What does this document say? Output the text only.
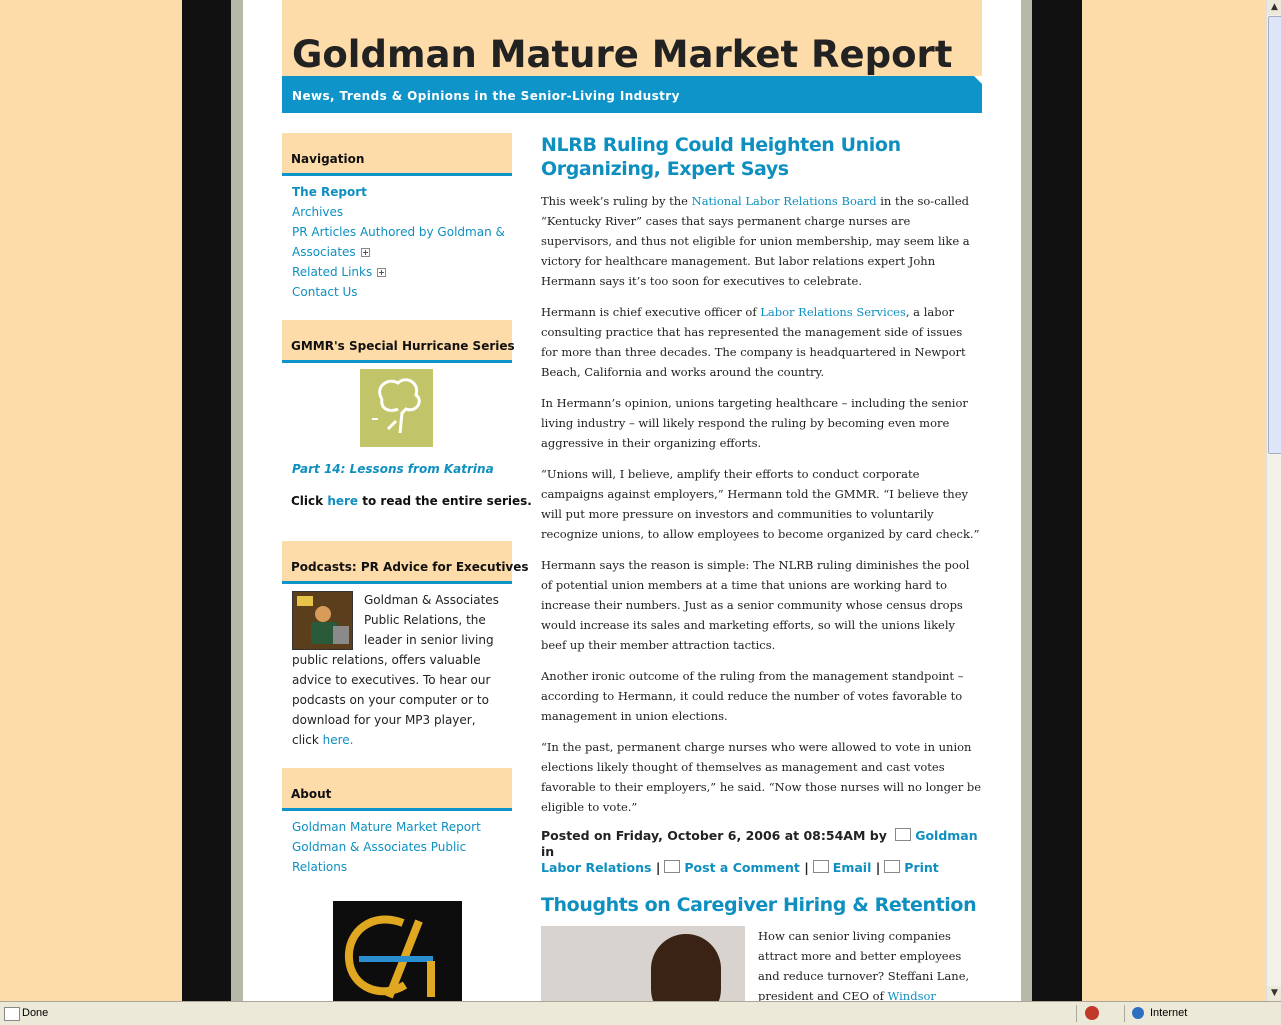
Goldman Mature Market Report
News, Trends & Opinions in the Senior-Living Industry
Navigation
The Report
Archives
PR Articles Authored by Goldman &
Associates
Related Links
Contact Us
GMMR's Special Hurricane Series
Part 14: Lessons from Katrina
Click here to read the entire series.
Podcasts: PR Advice for Executives
Goldman & Associates Public Relations, the leader in senior living public relations, offers valuable advice to executives. To hear our podcasts on your computer or to download for your MP3 player, click here.
About
Goldman Mature Market Report
Goldman & Associates Public
Relations
NLRB Ruling Could Heighten Union Organizing, Expert Says

This week’s ruling by the National Labor Relations Board in the so-called “Kentucky River” cases that says permanent charge nurses are supervisors, and thus not eligible for union membership, may seem like a victory for healthcare management. But labor relations expert John Hermann says it’s too soon for executives to celebrate.

Hermann is chief executive officer of Labor Relations Services, a labor consulting practice that has represented the management side of issues for more than three decades. The company is headquartered in Newport Beach, California and works around the country.

In Hermann’s opinion, unions targeting healthcare – including the senior living industry – will likely respond the ruling by becoming even more aggressive in their organizing efforts.

“Unions will, I believe, amplify their efforts to conduct corporate campaigns against employers,” Hermann told the GMMR. “I believe they will put more pressure on investors and communities to voluntarily recognize unions, to allow employees to become organized by card check.”

Hermann says the reason is simple: The NLRB ruling diminishes the pool of potential union members at a time that unions are working hard to increase their numbers. Just as a senior community whose census drops would increase its sales and marketing efforts, so will the unions likely beef up their member attraction tactics.

Another ironic outcome of the ruling from the management standpoint – according to Hermann, it could reduce the number of votes favorable to management in union elections.

“In the past, permanent charge nurses who were allowed to vote in union elections likely thought of themselves as management and cast votes favorable to their employers,” he said. “Now those nurses will no longer be eligible to vote.”

Posted on Friday, October 6, 2006 at 08:54AM by Goldman in
Labor Relations | Post a Comment | Email | Print
Thoughts on Caregiver Hiring & Retention
How can senior living companies attract more and better employees and reduce turnover? Steffani Lane, president and CEO of Windsor
▲
▼
Done	Internet
